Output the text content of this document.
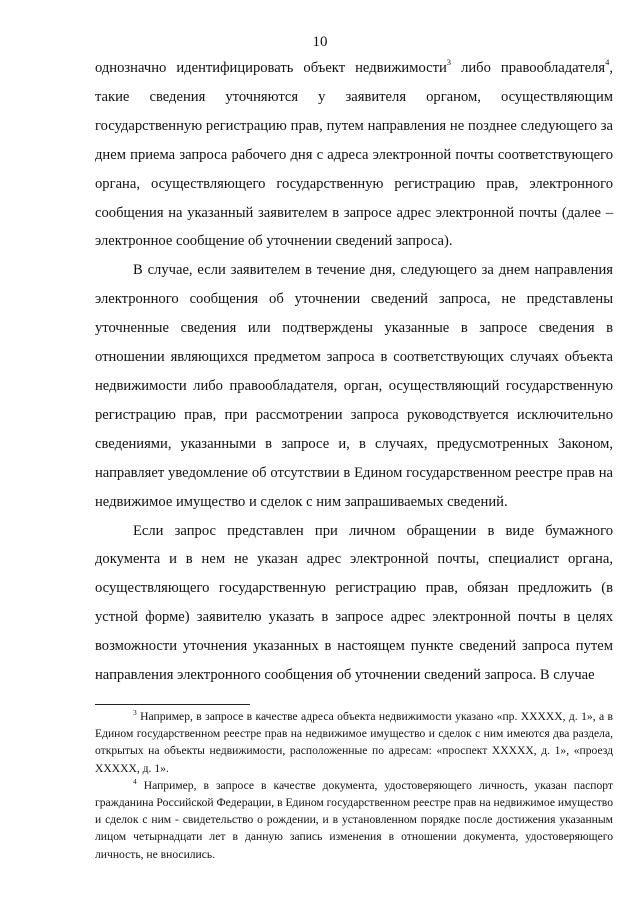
10

однозначно идентифицировать объект недвижимости$^3$ либо правообладателя$^4$, такие сведения уточняются у заявителя органом, осуществляющим государственную регистрацию прав, путем направления не позднее следующего за днем приема запроса рабочего дня с адреса электронной почты соответствующего органа, осуществляющего государственную регистрацию прав, электронного сообщения на указанный заявителем в запросе адрес электронной почты (далее – электронное сообщение об уточнении сведений запроса).

В случае, если заявителем в течение дня, следующего за днем направления электронного сообщения об уточнении сведений запроса, не представлены уточненные сведения или подтверждены указанные в запросе сведения в отношении являющихся предметом запроса в соответствующих случаях объекта недвижимости либо правообладателя, орган, осуществляющий государственную регистрацию прав, при рассмотрении запроса руководствуется исключительно сведениями, указанными в запросе и, в случаях, предусмотренных Законом, направляет уведомление об отсутствии в Едином государственном реестре прав на недвижимое имущество и сделок с ним запрашиваемых сведений.

Если запрос представлен при личном обращении в виде бумажного документа и в нем не указан адрес электронной почты, специалист органа, осуществляющего государственную регистрацию прав, обязан предложить (в устной форме) заявителю указать в запросе адрес электронной почты в целях возможности уточнения указанных в настоящем пункте сведений запроса путем направления электронного сообщения об уточнении сведений запроса. В случае

$^3$ Например, в запросе в качестве адреса объекта недвижимости указано «пр. ХХХХХ, д. 1», а в Едином государственном реестре прав на недвижимое имущество и сделок с ним имеются два раздела, открытых на объекты недвижимости, расположенные по адресам: «проспект ХХХХХ, д. 1», «проезд ХХХХХ, д. 1».

$^4$ Например, в запросе в качестве документа, удостоверяющего личность, указан паспорт гражданина Российской Федерации, в Едином государственном реестре прав на недвижимое имущество и сделок с ним - свидетельство о рождении, и в установленном порядке после достижения указанным лицом четырнадцати лет в данную запись изменения в отношении документа, удостоверяющего личность, не вносились.
